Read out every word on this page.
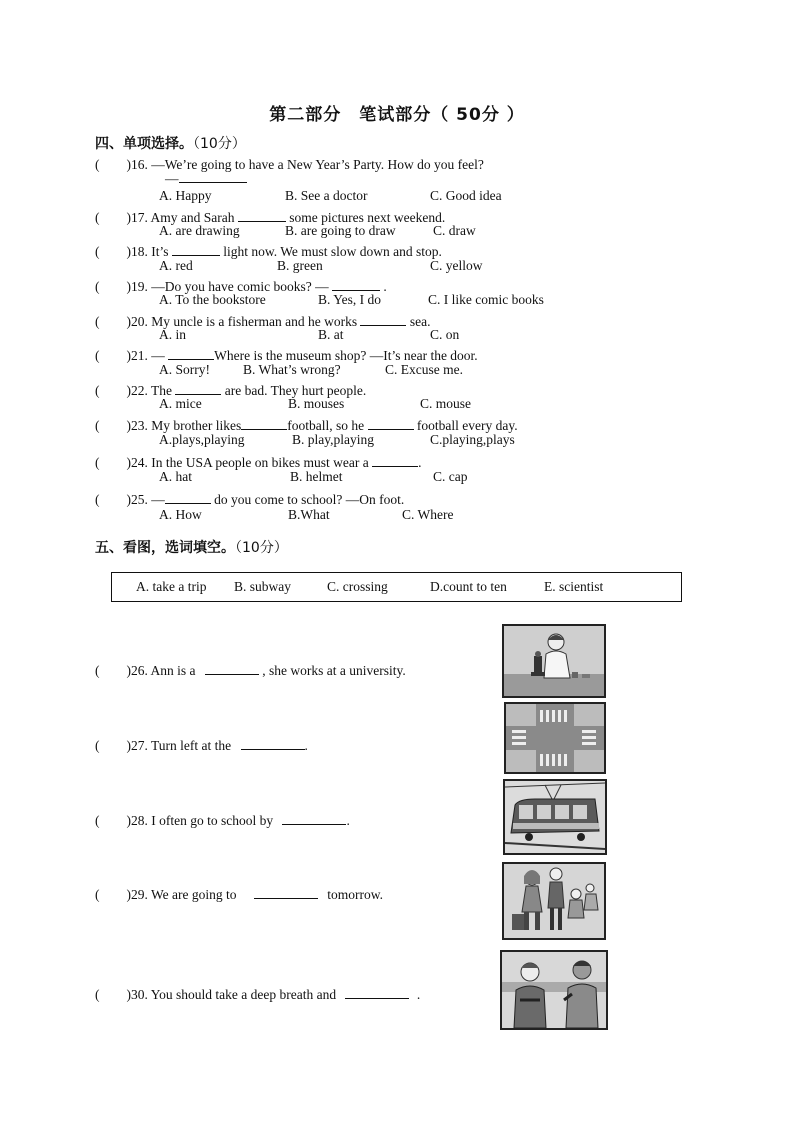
第二部分　笔试部分（ 50分 ）
四、单项选择。（10分）
(　　)16. —We’re going to have a New Year’s Party. How do you feel?
—
A. Happy	B. See a doctor	C. Good idea
(　　)17. Amy and Sarah	some pictures next weekend.
A. are drawing	B. are going to draw	C. draw
(　　)18. It’s	light now. We must slow down and stop.
A. red	B. green	C. yellow
(　　)19. —Do you have comic books? —	.
A. To the bookstore	B. Yes, I do	C. I like comic books
(　　)20. My uncle is a fisherman and he works	sea.
A. in	B. at	C. on
(　　)21. —	Where is the museum shop? —It’s near the door.
A. Sorry! B. What’s wrong?	C. Excuse me.
(　　)22. The	are bad. They hurt people.
A. mice	B. mouses	C. mouse
(　　)23. My brother likes	football, so he	football every day.
A.plays,playing	B. play,playing	C.playing,plays
(　　)24. In the USA people on bikes must wear a	.
A. hat	B. helmet	C. cap
(　　)25. —	do you come to school? —On foot.
A. How	B.What	C. Where
五、看图，选词填空。（10分）
A. take a trip B. subway	C. crossing	D.count to ten	E. scientist
(　　)26. Ann is a	, she works at a university.
(　　)27. Turn left at the	.
(　　)28. I often go to school by	.
(　　)29. We are going to	tomorrow.
(　　)30. You should take a deep breath and	.
